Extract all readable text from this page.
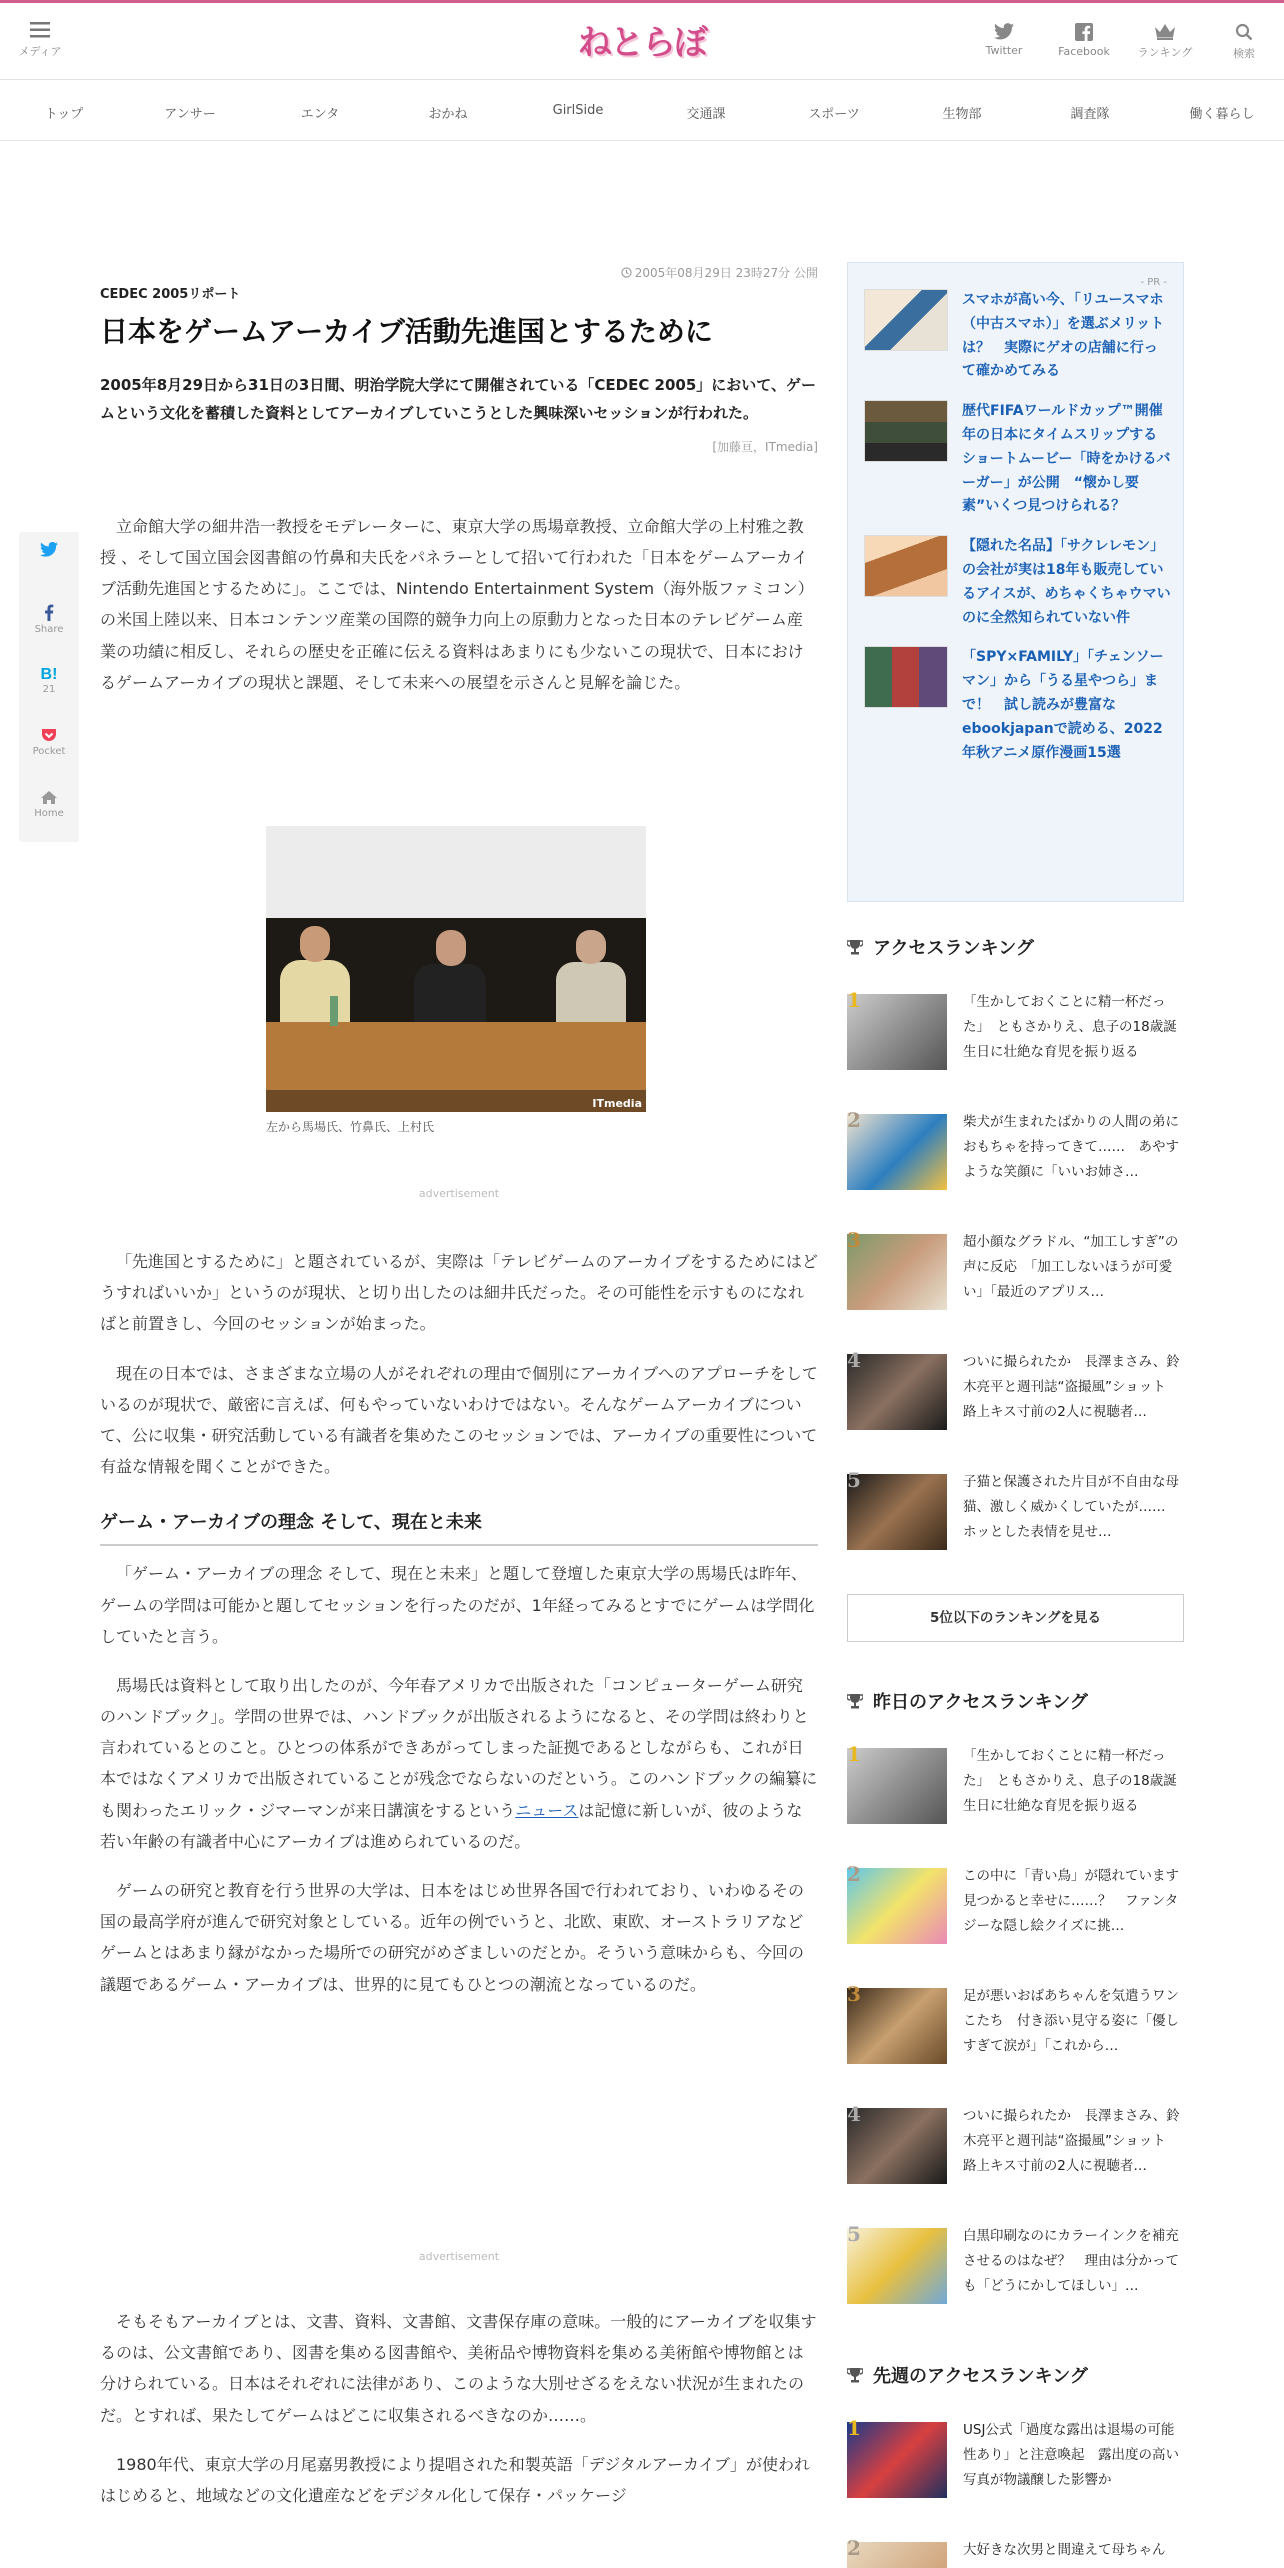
メディア	ねとらぼ	Twitter	Facebook	ランキング	検索
トップ	アンサー	エンタ	おかね	GirlSide	交通課	スポーツ	生物部	調査隊	働く暮らし

Share
B!
21

Pocket

Home
2005年08月29日 23時27分 公開
CEDEC 2005リポート
日本をゲームアーカイブ活動先進国とするために
2005年8月29日から31日の3日間、明治学院大学にて開催されている「CEDEC 2005」において、ゲームという文化を蓄積した資料としてアーカイブしていこうとした興味深いセッションが行われた。
[加藤亘，ITmedia]

立命館大学の細井浩一教授をモデレーターに、東京大学の馬場章教授、立命館大学の上村雅之教授 、そして国立国会図書館の竹鼻和夫氏をパネラーとして招いて行われた「日本をゲームアーカイブ活動先進国とするために」。ここでは、Nintendo Entertainment System（海外版ファミコン）の米国上陸以来、日本コンテンツ産業の国際的競争力向上の原動力となった日本のテレビゲーム産業の功績に相反し、それらの歴史を正確に伝える資料はあまりにも少ないこの現状で、日本におけるゲームアーカイブの現状と課題、そして未来への展望を示さんと見解を論じた。

ITmedia
左から馬場氏、竹鼻氏、上村氏
advertisement

「先進国とするために」と題されているが、実際は「テレビゲームのアーカイブをするためにはどうすればいいか」というのが現状、と切り出したのは細井氏だった。その可能性を示すものになればと前置きし、今回のセッションが始まった。

現在の日本では、さまざまな立場の人がそれぞれの理由で個別にアーカイブへのアプローチをしているのが現状で、厳密に言えば、何もやっていないわけではない。そんなゲームアーカイブについて、公に収集・研究活動している有識者を集めたこのセッションでは、アーカイブの重要性について有益な情報を聞くことができた。

ゲーム・アーカイブの理念 そして、現在と未来

「ゲーム・アーカイブの理念 そして、現在と未来」と題して登壇した東京大学の馬場氏は昨年、ゲームの学問は可能かと題してセッションを行ったのだが、1年経ってみるとすでにゲームは学問化していたと言う。

馬場氏は資料として取り出したのが、今年春アメリカで出版された「コンピューターゲーム研究のハンドブック」。学問の世界では、ハンドブックが出版されるようになると、その学問は終わりと言われているとのこと。ひとつの体系ができあがってしまった証拠であるとしながらも、これが日本ではなくアメリカで出版されていることが残念でならないのだという。このハンドブックの編纂にも関わったエリック・ジマーマンが来日講演をするというニュースは記憶に新しいが、彼のような若い年齢の有識者中心にアーカイブは進められているのだ。

ゲームの研究と教育を行う世界の大学は、日本をはじめ世界各国で行われており、いわゆるその国の最高学府が進んで研究対象としている。近年の例でいうと、北欧、東欧、オーストラリアなどゲームとはあまり縁がなかった場所での研究がめざましいのだとか。そういう意味からも、今回の議題であるゲーム・アーカイブは、世界的に見てもひとつの潮流となっているのだ。

advertisement

そもそもアーカイブとは、文書、資料、文書館、文書保存庫の意味。一般的にアーカイブを収集するのは、公文書館であり、図書を集める図書館や、美術品や博物資料を集める美術館や博物館とは分けられている。日本はそれぞれに法律があり、このような大別せざるをえない状況が生まれたのだ。とすれば、果たしてゲームはどこに収集されるべきなのか……。

1980年代、東京大学の月尾嘉男教授により提唱された和製英語「デジタルアーカイブ」が使われはじめると、地域などの文化遺産などをデジタル化して保存・パッケージ

- PR -
スマホが高い今、「リユースマホ（中古スマホ）」を選ぶメリットは？　実際にゲオの店舗に行って確かめてみる
歴代FIFAワールドカップ™開催年の日本にタイムスリップするショートムービー「時をかけるバーガー」が公開　“懐かし要素”いくつ見つけられる？
【隠れた名品】「サクレレモン」の会社が実は18年も販売しているアイスが、めちゃくちゃウマいのに全然知られていない件
「SPY×FAMILY」「チェンソーマン」から「うる星やつら」まで！　試し読みが豊富なebookjapanで読める、2022年秋アニメ原作漫画15選
アクセスランキング
1	「生かしておくことに精一杯だった」　ともさかりえ、息子の18歳誕生日に壮絶な育児を振り返る
2	柴犬が生まれたばかりの人間の弟におもちゃを持ってきて……　あやすような笑顔に「いいお姉さ…
3	超小顔なグラドル、“加工しすぎ”の声に反応　「加工しないほうが可愛い」「最近のアプリス…
4	ついに撮られたか　長澤まさみ、鈴木亮平と週刊誌“盗撮風”ショット　路上キス寸前の2人に視聴者…
5	子猫と保護された片目が不自由な母猫、激しく威かくしていたが……　ホッとした表情を見せ…
5位以下のランキングを見る
昨日のアクセスランキング
1	「生かしておくことに精一杯だった」　ともさかりえ、息子の18歳誕生日に壮絶な育児を振り返る
2	この中に「青い鳥」が隠れています　見つかると幸せに……？　ファンタジーな隠し絵クイズに挑…
3	足が悪いおばあちゃんを気遣うワンこたち　付き添い見守る姿に「優しすぎて涙が」「これから…
4	ついに撮られたか　長澤まさみ、鈴木亮平と週刊誌“盗撮風”ショット　路上キス寸前の2人に視聴者…
5	白黒印刷なのにカラーインクを補充させるのはなぜ？　理由は分かっても「どうにかしてほしい」…
先週のアクセスランキング
1	USJ公式「過度な露出は退場の可能性あり」と注意喚起　露出度の高い写真が物議醸した影響か
2	大好きな次男と間違えて母ちゃん
